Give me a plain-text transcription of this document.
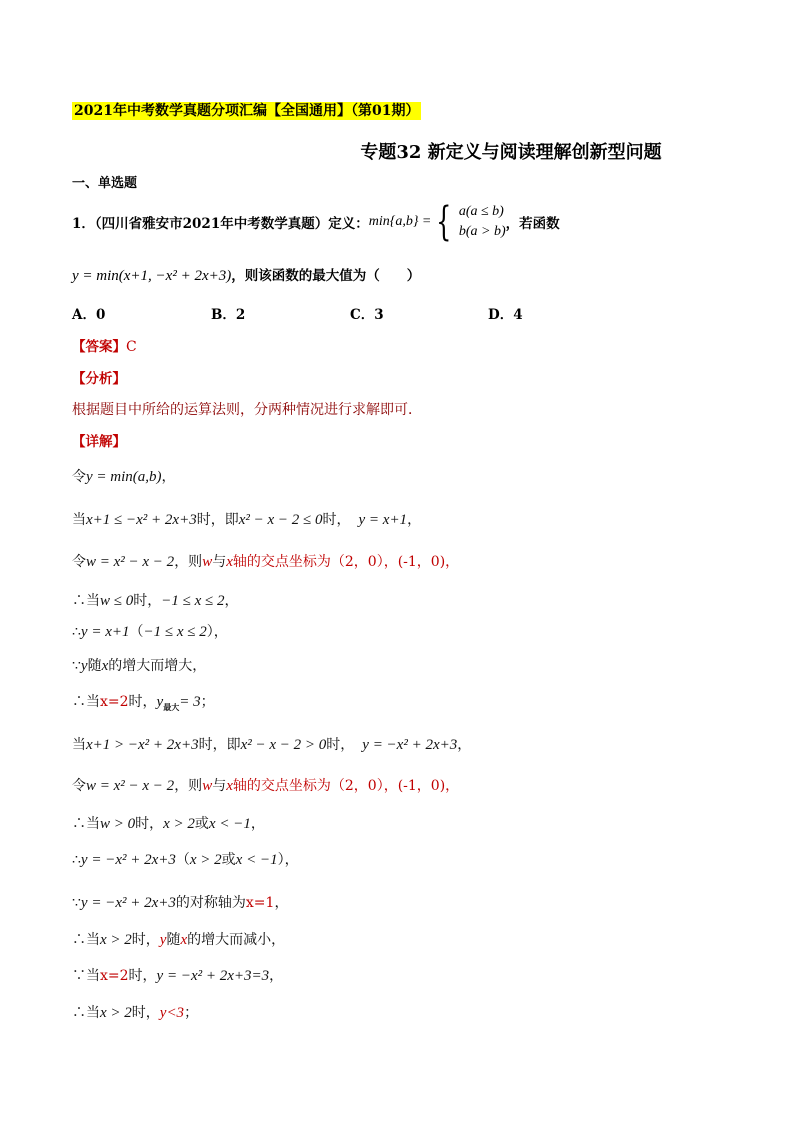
2021年中考数学真题分项汇编【全国通用】（第01期）
专题32 新定义与阅读理解创新型问题
一、单选题
1．（四川省雅安市2021年中考数学真题）定义： min{a,b} = { a(a ≤ b)
b(a > b) ，若函数
y = min(x+1, −x² + 2x+3)，则该函数的最大值为（　　）
A．0	B．2	C．3	D．4
【答案】C
【分析】
根据题目中所给的运算法则，分两种情况进行求解即可．
【详解】
令y = min(a,b)，
当x+1 ≤ −x² + 2x+3时，即x² − x − 2 ≤ 0时， y = x+1，
令w = x² − x − 2，则w与x轴的交点坐标为（2，0），(-1，0)，
∴当w ≤ 0时，−1 ≤ x ≤ 2，
∴y = x+1（−1 ≤ x ≤ 2），
∵y随x的增大而增大，
∴当x=2时，$y_{最大}= 3$；
当x+1 > −x² + 2x+3时，即x² − x − 2 > 0时， y = −x² + 2x+3，
令w = x² − x − 2，则w与x轴的交点坐标为（2，0），(-1，0)，
∴当w > 0时，x > 2或x < −1，
∴y = −x² + 2x+3（x > 2或x < −1），
∵y = −x² + 2x+3的对称轴为x=1，
∴当x > 2时，y随x的增大而减小，
∵当x=2时，y = −x² + 2x+3=3，
∴当x > 2时，y<3；
